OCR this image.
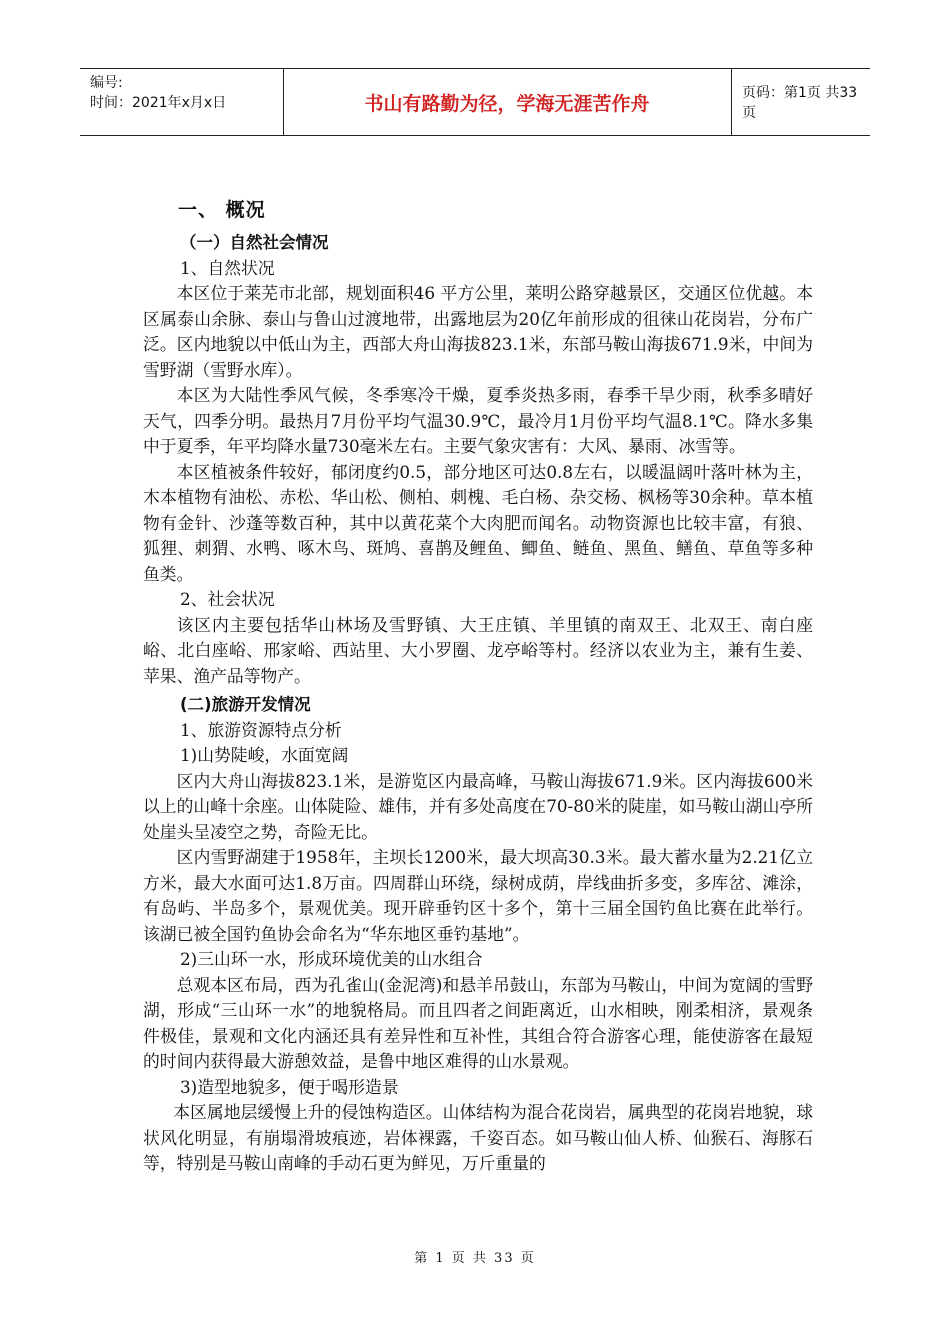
编号:
时间：2021年x月x日	书山有路勤为径，学海无涯苦作舟	页码：第1页 共33页
一、 概况
（一）自然社会情况
1、自然状况

本区位于莱芜市北部，规划面积46 平方公里，莱明公路穿越景区，交通区位优越。本区属泰山余脉、泰山与鲁山过渡地带，出露地层为20亿年前形成的徂徕山花岗岩，分布广泛。区内地貌以中低山为主，西部大舟山海拔823.1米，东部马鞍山海拔671.9米，中间为雪野湖（雪野水库）。

本区为大陆性季风气候，冬季寒冷干燥，夏季炎热多雨，春季干旱少雨，秋季多晴好天气，四季分明。最热月7月份平均气温30.9℃，最冷月1月份平均气温8.1℃。降水多集中于夏季，年平均降水量730毫米左右。主要气象灾害有：大风、暴雨、冰雪等。

本区植被条件较好，郁闭度约0.5，部分地区可达0.8左右，以暖温阔叶落叶林为主，木本植物有油松、赤松、华山松、侧柏、刺槐、毛白杨、杂交杨、枫杨等30余种。草本植物有金针、沙蓬等数百种，其中以黄花菜个大肉肥而闻名。动物资源也比较丰富，有狼、狐狸、刺猬、水鸭、啄木鸟、斑鸠、喜鹊及鲤鱼、鲫鱼、鲢鱼、黑鱼、鳝鱼、草鱼等多种鱼类。

2、社会状况

该区内主要包括华山林场及雪野镇、大王庄镇、羊里镇的南双王、北双王、南白座峪、北白座峪、邢家峪、西站里、大小罗圈、龙亭峪等村。经济以农业为主，兼有生姜、苹果、渔产品等物产。

(二)旅游开发情况
1、旅游资源特点分析
1)山势陡峻，水面宽阔

区内大舟山海拔823.1米，是游览区内最高峰，马鞍山海拔671.9米。区内海拔600米以上的山峰十余座。山体陡险、雄伟，并有多处高度在70-80米的陡崖，如马鞍山湖山亭所处崖头呈凌空之势，奇险无比。

区内雪野湖建于1958年，主坝长1200米，最大坝高30.3米。最大蓄水量为2.21亿立方米，最大水面可达1.8万亩。四周群山环绕，绿树成荫，岸线曲折多变，多库岔、滩涂，有岛屿、半岛多个，景观优美。现开辟垂钓区十多个，第十三届全国钓鱼比赛在此举行。该湖已被全国钓鱼协会命名为“华东地区垂钓基地”。

2)三山环一水，形成环境优美的山水组合

总观本区布局，西为孔雀山(金泥湾)和悬羊吊鼓山，东部为马鞍山，中间为宽阔的雪野湖，形成“三山环一水”的地貌格局。而且四者之间距离近，山水相映，刚柔相济，景观条件极佳，景观和文化内涵还具有差异性和互补性，其组合符合游客心理，能使游客在最短的时间内获得最大游憩效益，是鲁中地区难得的山水景观。

3)造型地貌多，便于喝形造景

本区属地层缓慢上升的侵蚀构造区。山体结构为混合花岗岩，属典型的花岗岩地貌，球状风化明显，有崩塌滑坡痕迹，岩体裸露，千姿百态。如马鞍山仙人桥、仙猴石、海豚石等，特别是马鞍山南峰的手动石更为鲜见，万斤重量的

第 1 页 共 33 页
